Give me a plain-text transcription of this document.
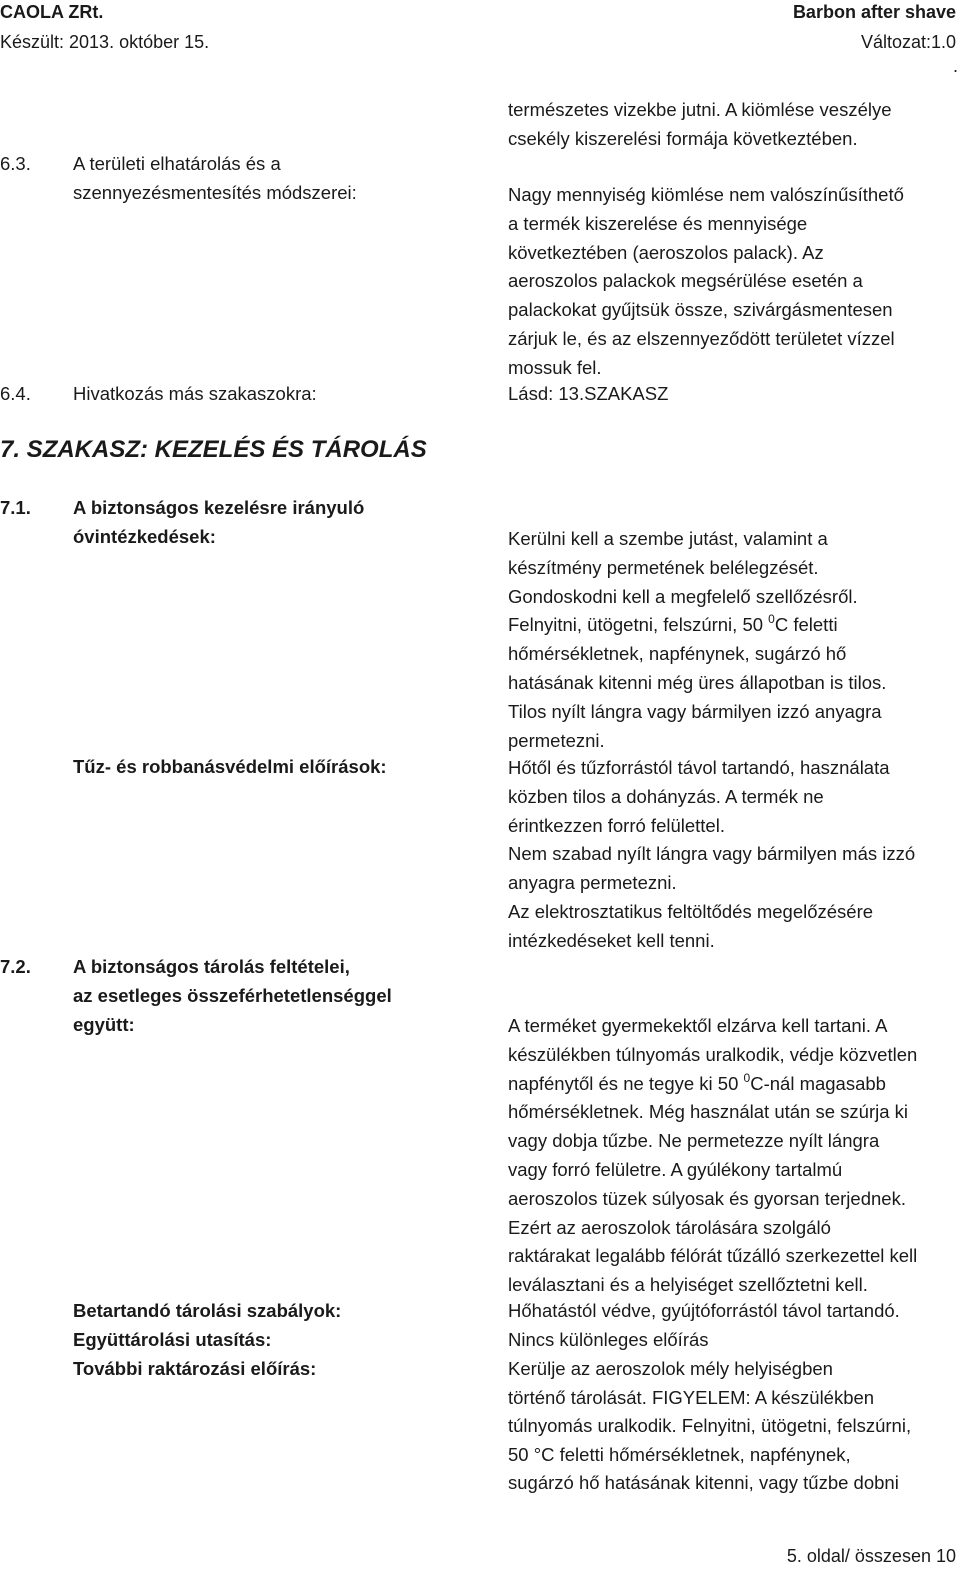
CAOLA ZRt.	Barbon after shave
Készült: 2013. október 15.	Változat:1.0
.
természetes vizekbe jutni. A kiömlése veszélye
csekély kiszerelési formája következtében.
6.3. A területi elhatárolás és a
szennyezésmentesítés módszerei:	Nagy mennyiség kiömlése nem valószínűsíthető
a termék kiszerelése és mennyisége
következtében (aeroszolos palack). Az
aeroszolos palackok megsérülése esetén a
palackokat gyűjtsük össze, szivárgásmentesen
zárjuk le, és az elszennyeződött területet vízzel
mossuk fel.
6.4. Hivatkozás más szakaszokra:	Lásd: 13.SZAKASZ
7. SZAKASZ: KEZELÉS ÉS TÁROLÁS
7.1. A biztonságos kezelésre irányuló
óvintézkedések:	Kerülni kell a szembe jutást, valamint a
készítmény permetének belélegzését.
Gondoskodni kell a megfelelő szellőzésről.
Felnyitni, ütögetni, felszúrni, 50 $^0$C feletti
hőmérsékletnek, napfénynek, sugárzó hő
hatásának kitenni még üres állapotban is tilos.
Tilos nyílt lángra vagy bármilyen izzó anyagra
permetezni.
Tűz- és robbanásvédelmi előírások:	Hőtől és tűzforrástól távol tartandó, használata
közben tilos a dohányzás. A termék ne
érintkezzen forró felülettel.
Nem szabad nyílt lángra vagy bármilyen más izzó
anyagra permetezni.
Az elektrosztatikus feltöltődés megelőzésére
intézkedéseket kell tenni.
7.2. A biztonságos tárolás feltételei,
az esetleges összeférhetetlenséggel
együtt:	A terméket gyermekektől elzárva kell tartani. A
készülékben túlnyomás uralkodik, védje közvetlen
napfénytől és ne tegye ki 50 $^0$C-nál magasabb
hőmérsékletnek. Még használat után se szúrja ki
vagy dobja tűzbe. Ne permetezze nyílt lángra
vagy forró felületre. A gyúlékony tartalmú
aeroszolos tüzek súlyosak és gyorsan terjednek.
Ezért az aeroszolok tárolására szolgáló
raktárakat legalább félórát tűzálló szerkezettel kell
leválasztani és a helyiséget szellőztetni kell.
Betartandó tárolási szabályok:	Hőhatástól védve, gyújtóforrástól távol tartandó.
Együttárolási utasítás:	Nincs különleges előírás
További raktározási előírás:	Kerülje az aeroszolok mély helyiségben
történő tárolását. FIGYELEM: A készülékben
túlnyomás uralkodik. Felnyitni, ütögetni, felszúrni,
50 °C feletti hőmérsékletnek, napfénynek,
sugárzó hő hatásának kitenni, vagy tűzbe dobni
5. oldal/ összesen 10
